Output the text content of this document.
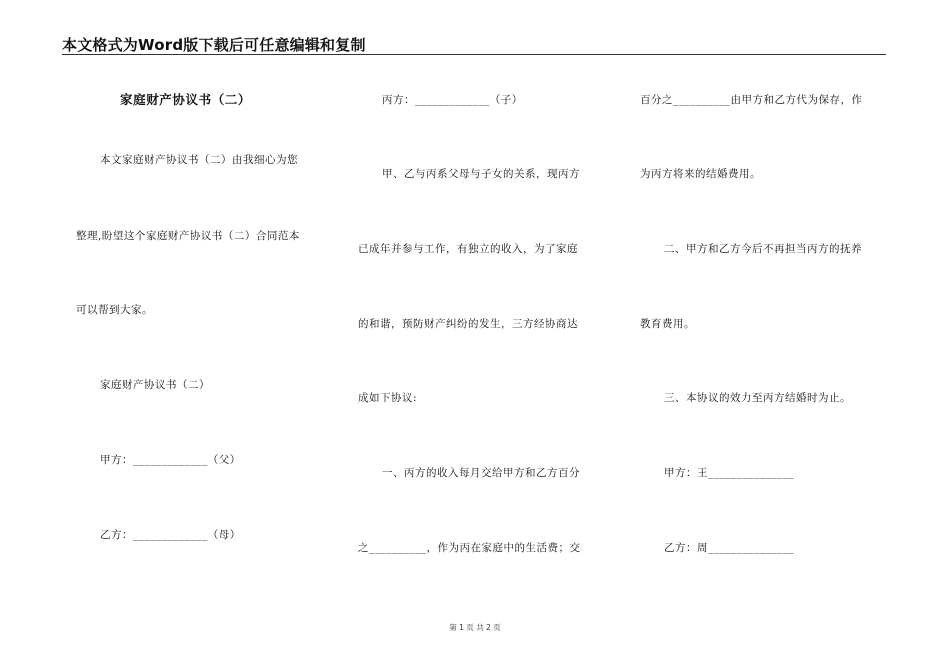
本文格式为Word版下载后可任意编辑和复制
家庭财产协议书（二）
本文家庭财产协议书（二）由我细心为您
整理,盼望这个家庭财产协议书（二）合同范本
可以帮到大家。
家庭财产协议书（二）
甲方：_____________（父）
乙方：_____________（母）
丙方：_____________（子）
甲、乙与丙系父母与子女的关系，现丙方
已成年并参与工作，有独立的收入，为了家庭
的和谐，预防财产纠纷的发生，三方经协商达
成如下协议:
一、丙方的收入每月交给甲方和乙方百分
之__________，作为丙在家庭中的生活费；交
百分之__________由甲方和乙方代为保存，作
为丙方将来的结婚费用。
二、甲方和乙方今后不再担当丙方的抚养
教育费用。
三、本协议的效力至丙方结婚时为止。
甲方：王_______________
乙方：周_______________
第 1 页 共 2 页
